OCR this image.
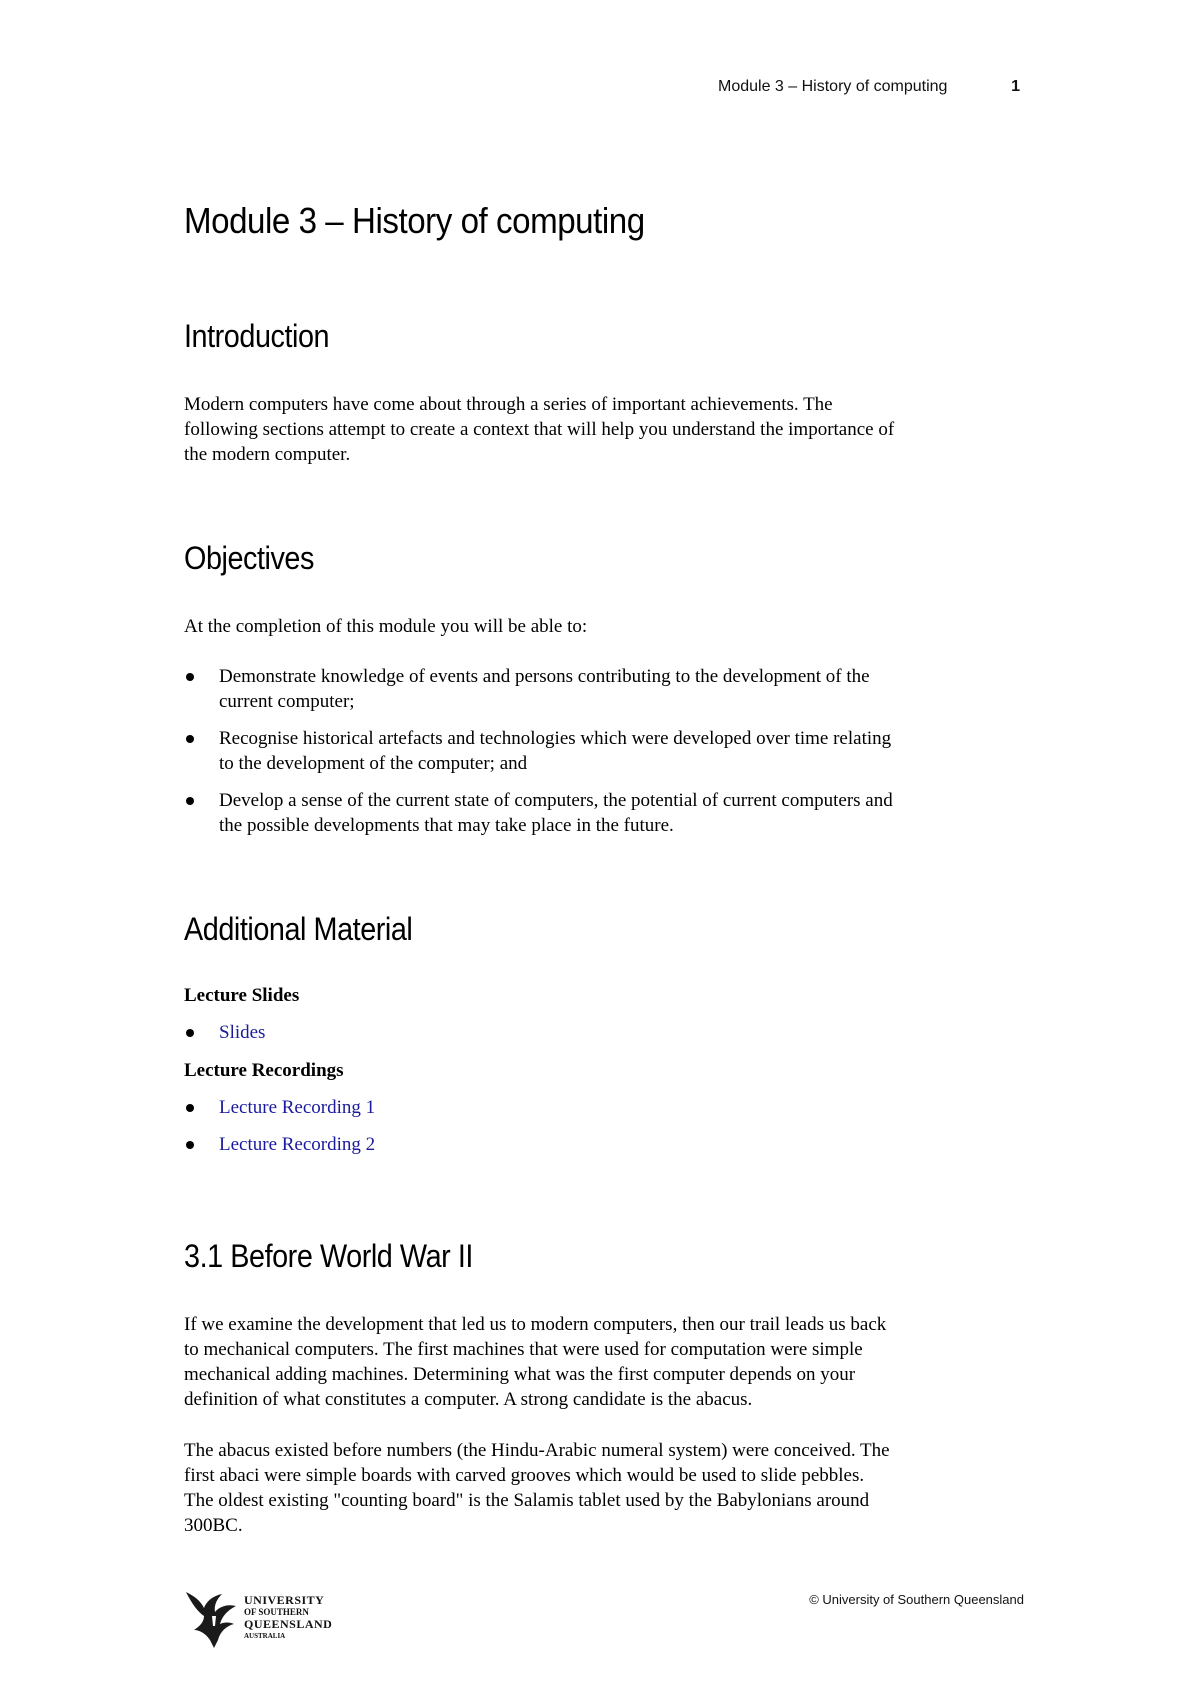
Module 3 – History of computing	1
Module 3 – History of computing
Introduction
Modern computers have come about through a series of important achievements. The
following sections attempt to create a context that will help you understand the importance of
the modern computer.
Objectives
At the completion of this module you will be able to:
Demonstrate knowledge of events and persons contributing to the development of the
current computer;
Recognise historical artefacts and technologies which were developed over time relating
to the development of the computer; and
Develop a sense of the current state of computers, the potential of current computers and
the possible developments that may take place in the future.
Additional Material
Lecture Slides
Slides
Lecture Recordings
Lecture Recording 1
Lecture Recording 2
3.1 Before World War II
If we examine the development that led us to modern computers, then our trail leads us back
to mechanical computers. The first machines that were used for computation were simple
mechanical adding machines. Determining what was the first computer depends on your
definition of what constitutes a computer. A strong candidate is the abacus.
The abacus existed before numbers (the Hindu-Arabic numeral system) were conceived. The
first abaci were simple boards with carved grooves which would be used to slide pebbles.
The oldest existing "counting board" is the Salamis tablet used by the Babylonians around
300BC.
UNIVERSITY
OF SOUTHERN
QUEENSLAND
AUSTRALIA
© University of Southern Queensland
